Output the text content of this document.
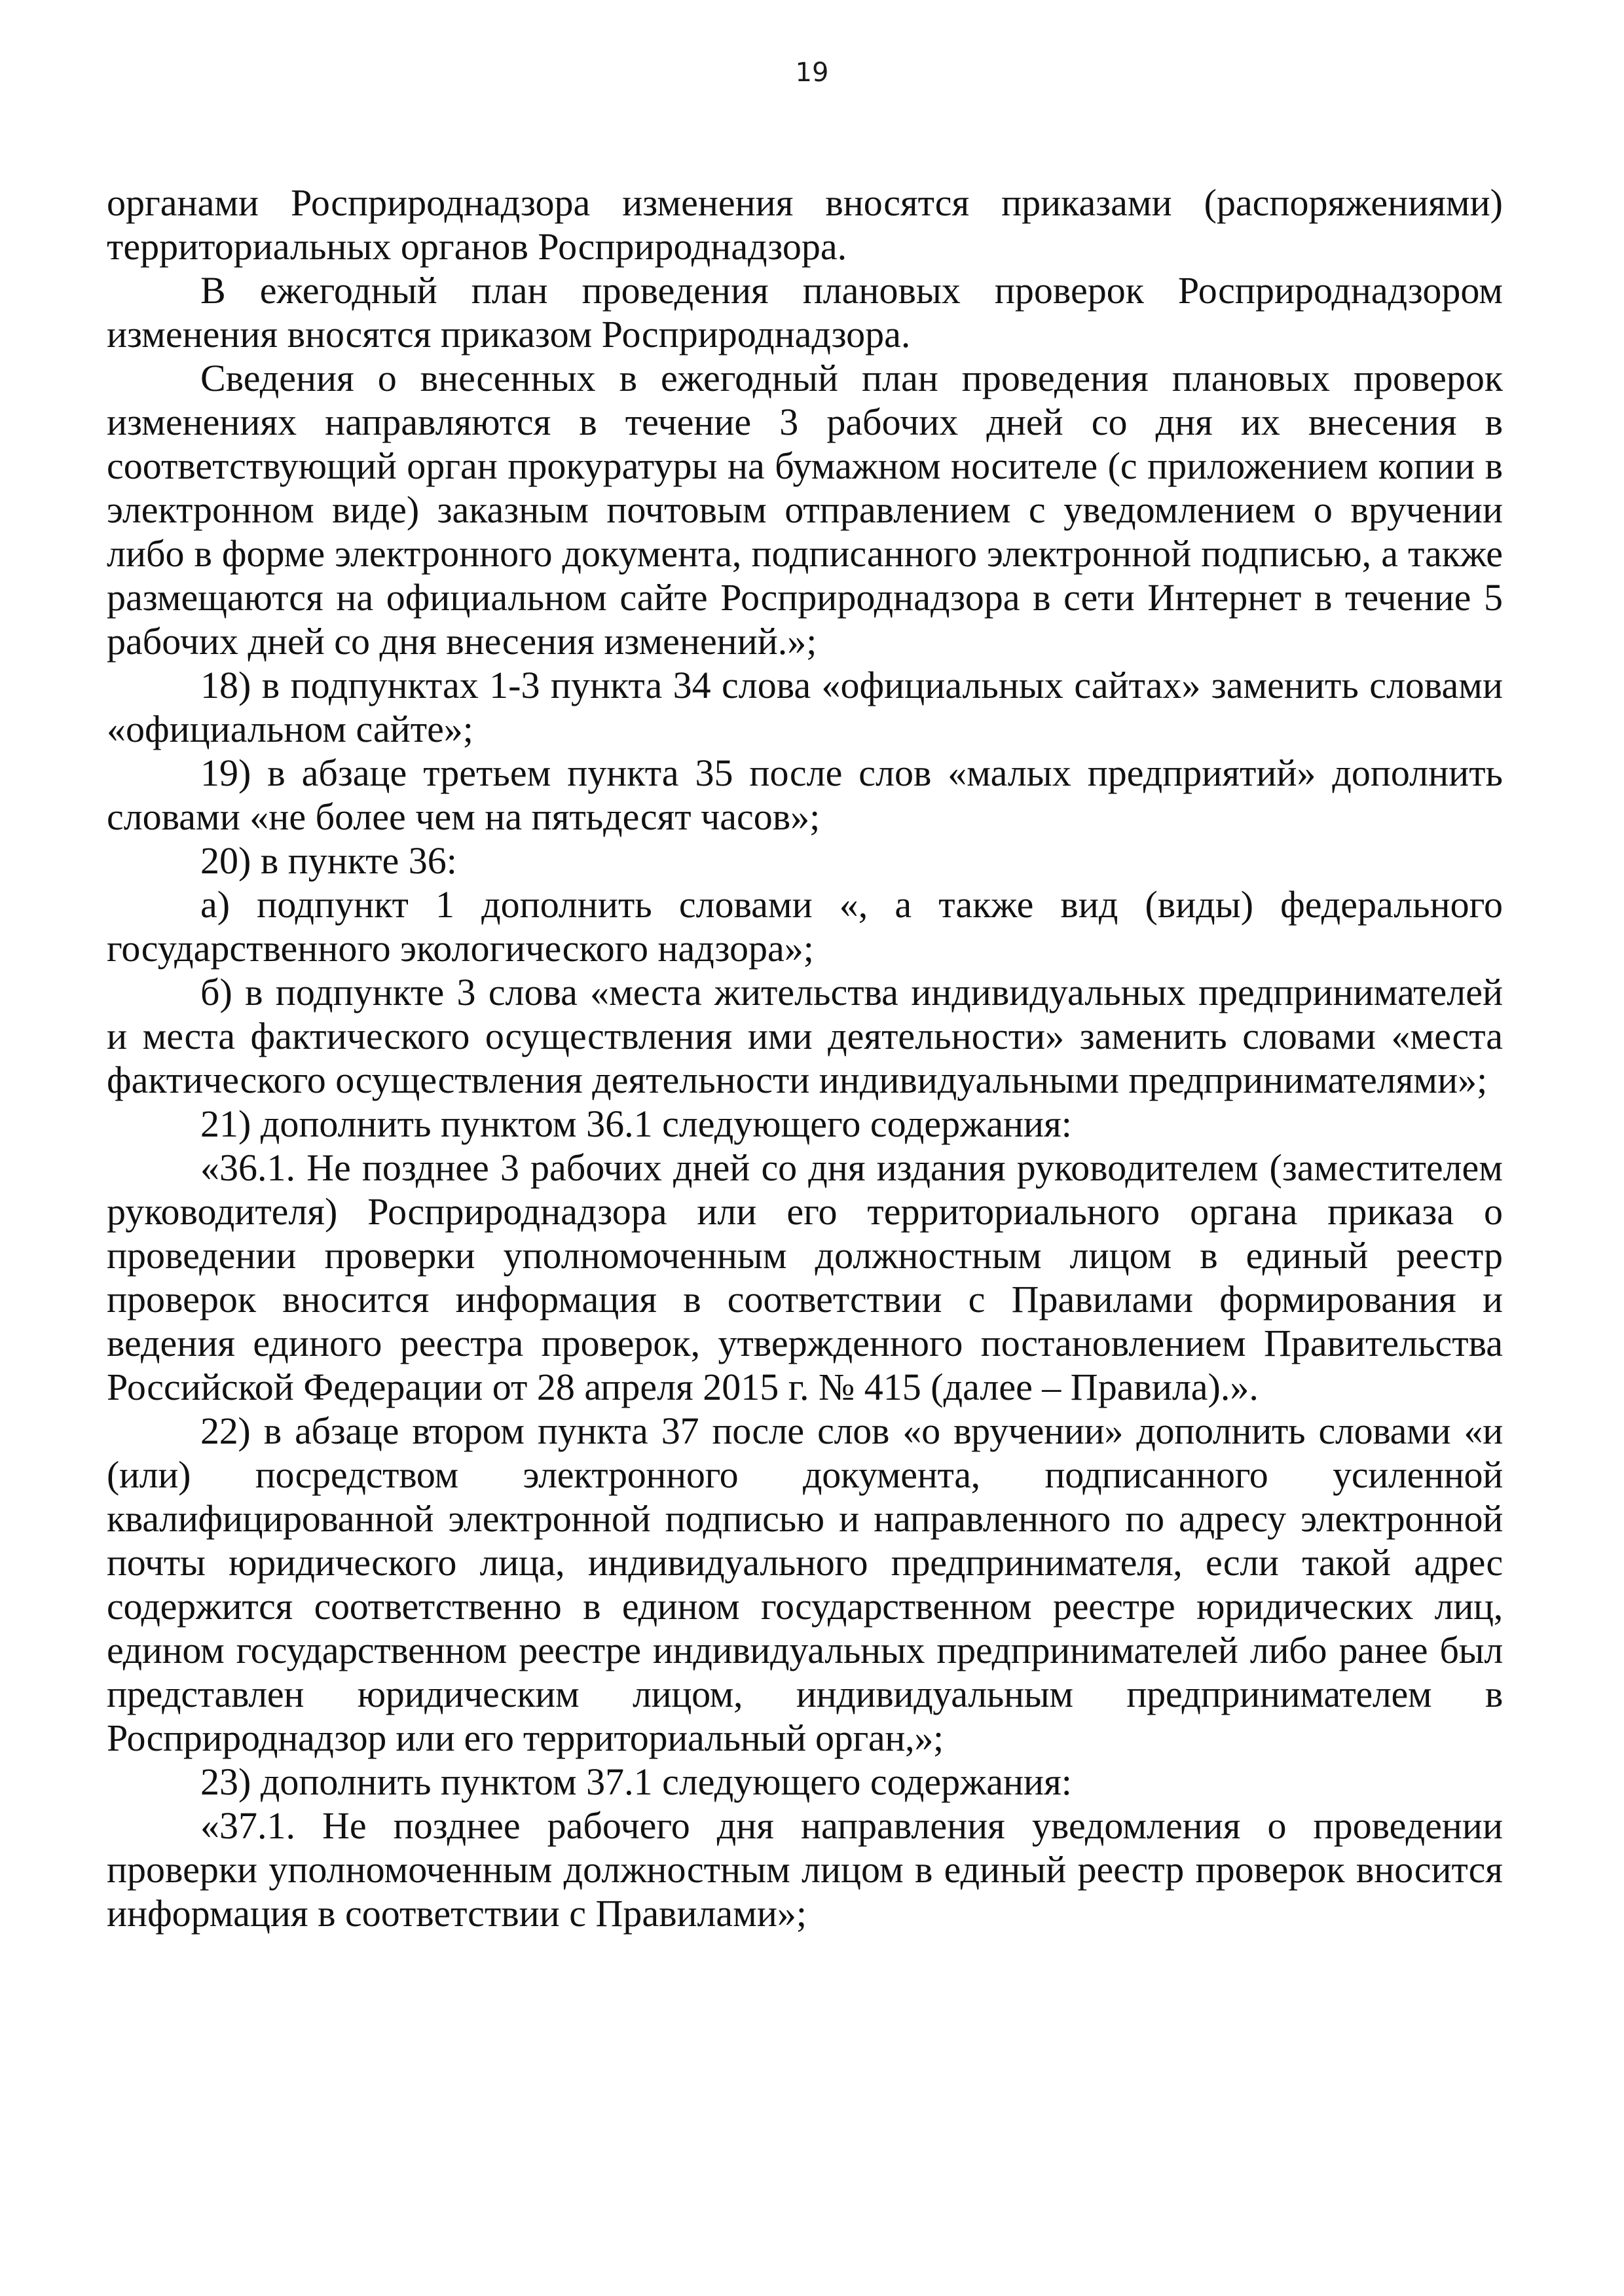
19

органами Росприроднадзора изменения вносятся приказами (распоряжениями) территориальных органов Росприроднадзора.

В ежегодный план проведения плановых проверок Росприроднадзором изменения вносятся приказом Росприроднадзора.

Сведения о внесенных в ежегодный план проведения плановых проверок изменениях направляются в течение 3 рабочих дней со дня их внесения в соответствующий орган прокуратуры на бумажном носителе (с приложением копии в электронном виде) заказным почтовым отправлением с уведомлением о вручении либо в форме электронного документа, подписанного электронной подписью, а также размещаются на официальном сайте Росприроднадзора в сети Интернет в течение 5 рабочих дней со дня внесения изменений.»;

18) в подпунктах 1-3 пункта 34 слова «официальных сайтах» заменить словами «официальном сайте»;

19) в абзаце третьем пункта 35 после слов «малых предприятий» дополнить словами «не более чем на пятьдесят часов»;

20) в пункте 36:

а) подпункт 1 дополнить словами «, а также вид (виды) федерального государственного экологического надзора»;

б) в подпункте 3 слова «места жительства индивидуальных предпринимателей и места фактического осуществления ими деятельности» заменить словами «места фактического осуществления деятельности индивидуальными предпринимателями»;

21) дополнить пунктом 36.1 следующего содержания:

«36.1. Не позднее 3 рабочих дней со дня издания руководителем (заместителем руководителя) Росприроднадзора или его территориального органа приказа о проведении проверки уполномоченным должностным лицом в единый реестр проверок вносится информация в соответствии с Правилами формирования и ведения единого реестра проверок, утвержденного постановлением Правительства Российской Федерации от 28 апреля 2015 г. № 415 (далее – Правила).».

22) в абзаце втором пункта 37 после слов «о вручении» дополнить словами «и (или) посредством электронного документа, подписанного усиленной квалифицированной электронной подписью и направленного по адресу электронной почты юридического лица, индивидуального предпринимателя, если такой адрес содержится соответственно в едином государственном реестре юридических лиц, едином государственном реестре индивидуальных предпринимателей либо ранее был представлен юридическим лицом, индивидуальным предпринимателем в Росприроднадзор или его территориальный орган,»;

23) дополнить пунктом 37.1 следующего содержания:

«37.1. Не позднее рабочего дня направления уведомления о проведении проверки уполномоченным должностным лицом в единый реестр проверок вносится информация в соответствии с Правилами»;
